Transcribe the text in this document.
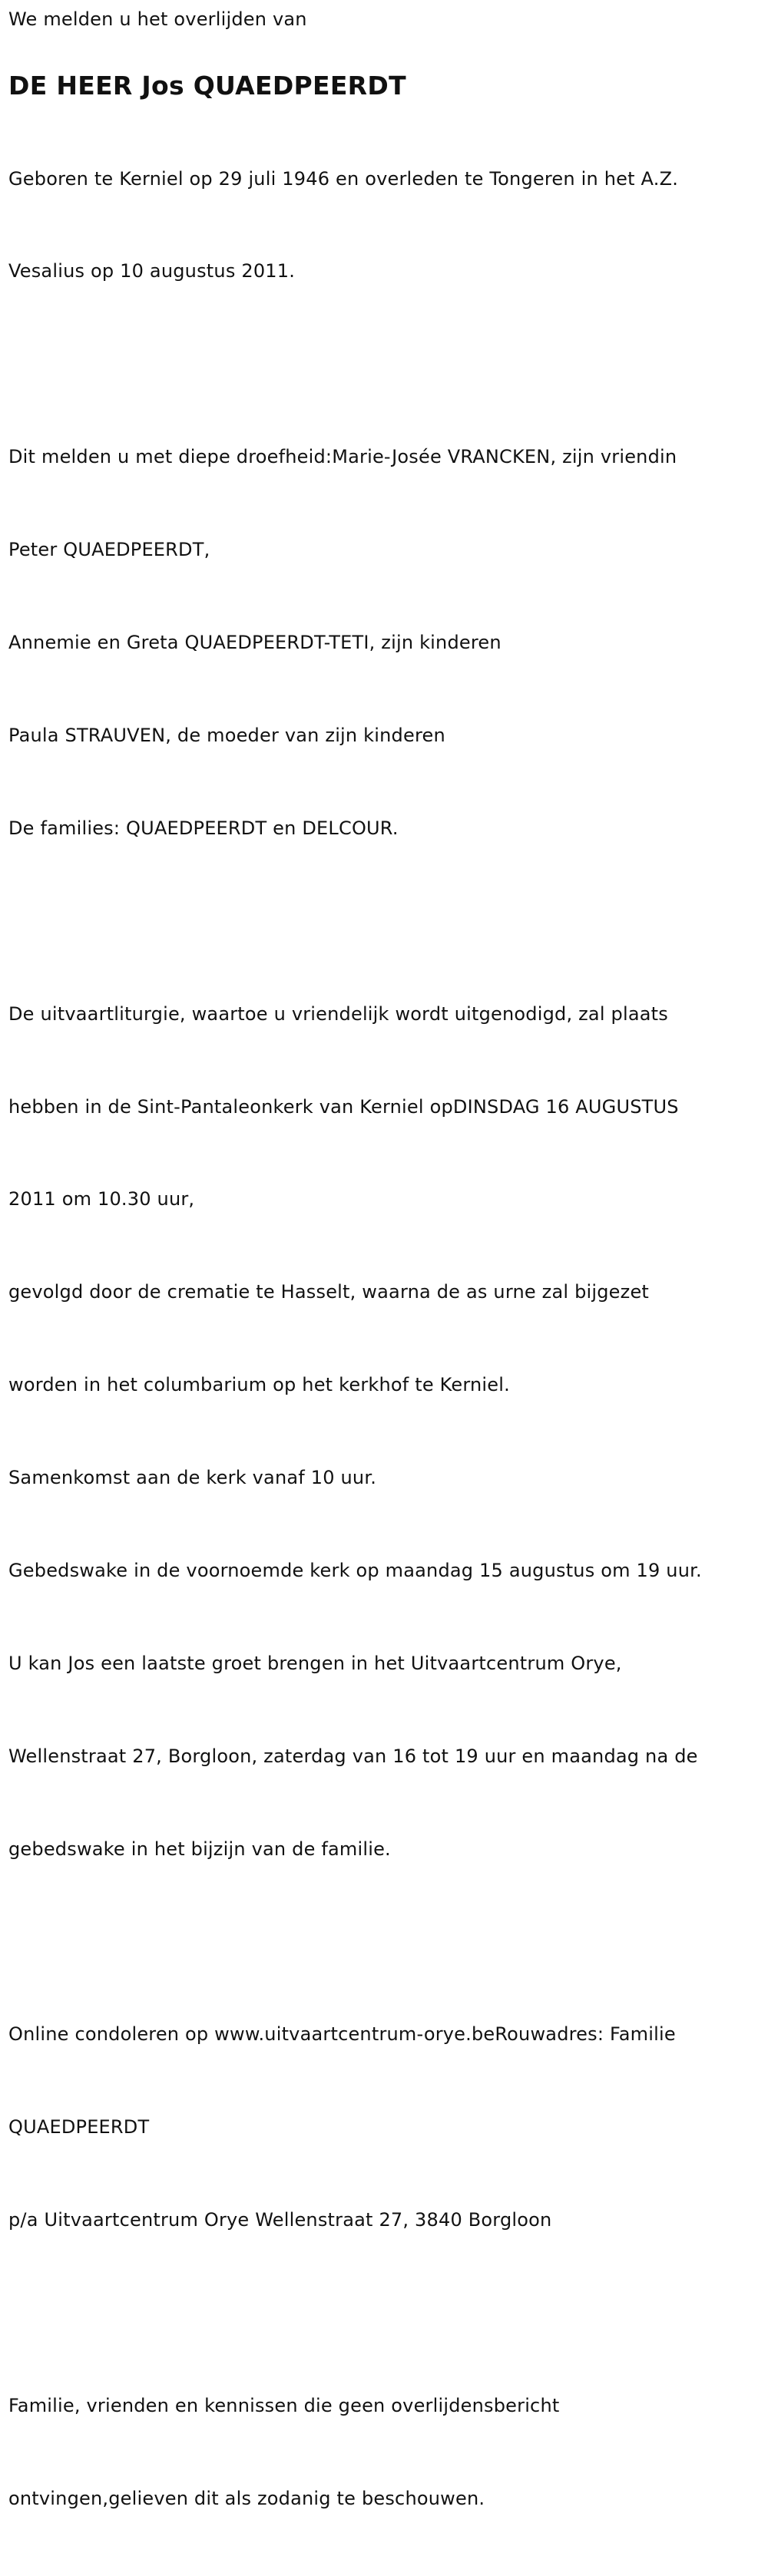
We melden u het overlijden van

DE HEER Jos QUAEDPEERDT

Geboren te Kerniel op 29 juli 1946 en overleden te Tongeren in het A.Z.

Vesalius op 10 augustus 2011.

Dit melden u met diepe droefheid:Marie-Josée VRANCKEN, zijn vriendin

Peter QUAEDPEERDT,

Annemie en Greta QUAEDPEERDT-TETI, zijn kinderen

Paula STRAUVEN, de moeder van zijn kinderen

De families: QUAEDPEERDT en DELCOUR.

De uitvaartliturgie, waartoe u vriendelijk wordt uitgenodigd, zal plaats

hebben in de Sint-Pantaleonkerk van Kerniel opDINSDAG 16 AUGUSTUS

2011 om 10.30 uur,

gevolgd door de crematie te Hasselt, waarna de as urne zal bijgezet

worden in het columbarium op het kerkhof te Kerniel.

Samenkomst aan de kerk vanaf 10 uur.

Gebedswake in de voornoemde kerk op maandag 15 augustus om 19 uur.

U kan Jos een laatste groet brengen in het Uitvaartcentrum Orye,

Wellenstraat 27, Borgloon, zaterdag van 16 tot 19 uur en maandag na de

gebedswake in het bijzijn van de familie.

Online condoleren op www.uitvaartcentrum-orye.beRouwadres: Familie

QUAEDPEERDT

p/a Uitvaartcentrum Orye Wellenstraat 27, 3840 Borgloon

Familie, vrienden en kennissen die geen overlijdensbericht

ontvingen,gelieven dit als zodanig te beschouwen.
